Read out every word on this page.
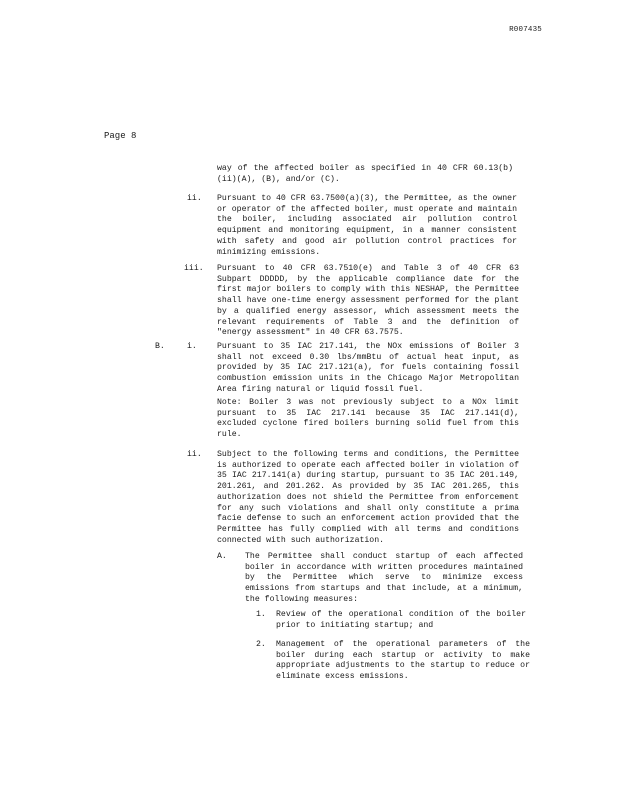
R007435
Page 8

way of the affected boiler as specified in 40 CFR 60.13(b)(ii)(A), (B), and/or (C).

ii. Pursuant to 40 CFR 63.7500(a)(3), the Permittee, as the owner or operator of the affected boiler, must operate and maintain the boiler, including associated air pollution control equipment and monitoring equipment, in a manner consistent with safety and good air pollution control practices for minimizing emissions.

iii. Pursuant to 40 CFR 63.7510(e) and Table 3 of 40 CFR 63 Subpart DDDDD, by the applicable compliance date for the first major boilers to comply with this NESHAP, the Permittee shall have one-time energy assessment performed for the plant by a qualified energy assessor, which assessment meets the relevant requirements of Table 3 and the definition of "energy assessment" in 40 CFR 63.7575.

B.	i. Pursuant to 35 IAC 217.141, the NOx emissions of Boiler 3 shall not exceed 0.30 lbs/mmBtu of actual heat input, as provided by 35 IAC 217.121(a), for fuels containing fossil combustion emission units in the Chicago Major Metropolitan Area firing natural or liquid fossil fuel.

Note: Boiler 3 was not previously subject to a NOx limit pursuant to 35 IAC 217.141 because 35 IAC 217.141(d), excluded cyclone fired boilers burning solid fuel from this rule.

ii. Subject to the following terms and conditions, the Permittee is authorized to operate each affected boiler in violation of 35 IAC 217.141(a) during startup, pursuant to 35 IAC 201.149, 201.261, and 201.262. As provided by 35 IAC 201.265, this authorization does not shield the Permittee from enforcement for any such violations and shall only constitute a prima facie defense to such an enforcement action provided that the Permittee has fully complied with all terms and conditions connected with such authorization.

A. The Permittee shall conduct startup of each affected boiler in accordance with written procedures maintained by the Permittee which serve to minimize excess emissions from startups and that include, at a minimum, the following measures:

1. Review of the operational condition of the boiler prior to initiating startup; and

2. Management of the operational parameters of the boiler during each startup or activity to make appropriate adjustments to the startup to reduce or eliminate excess emissions.
